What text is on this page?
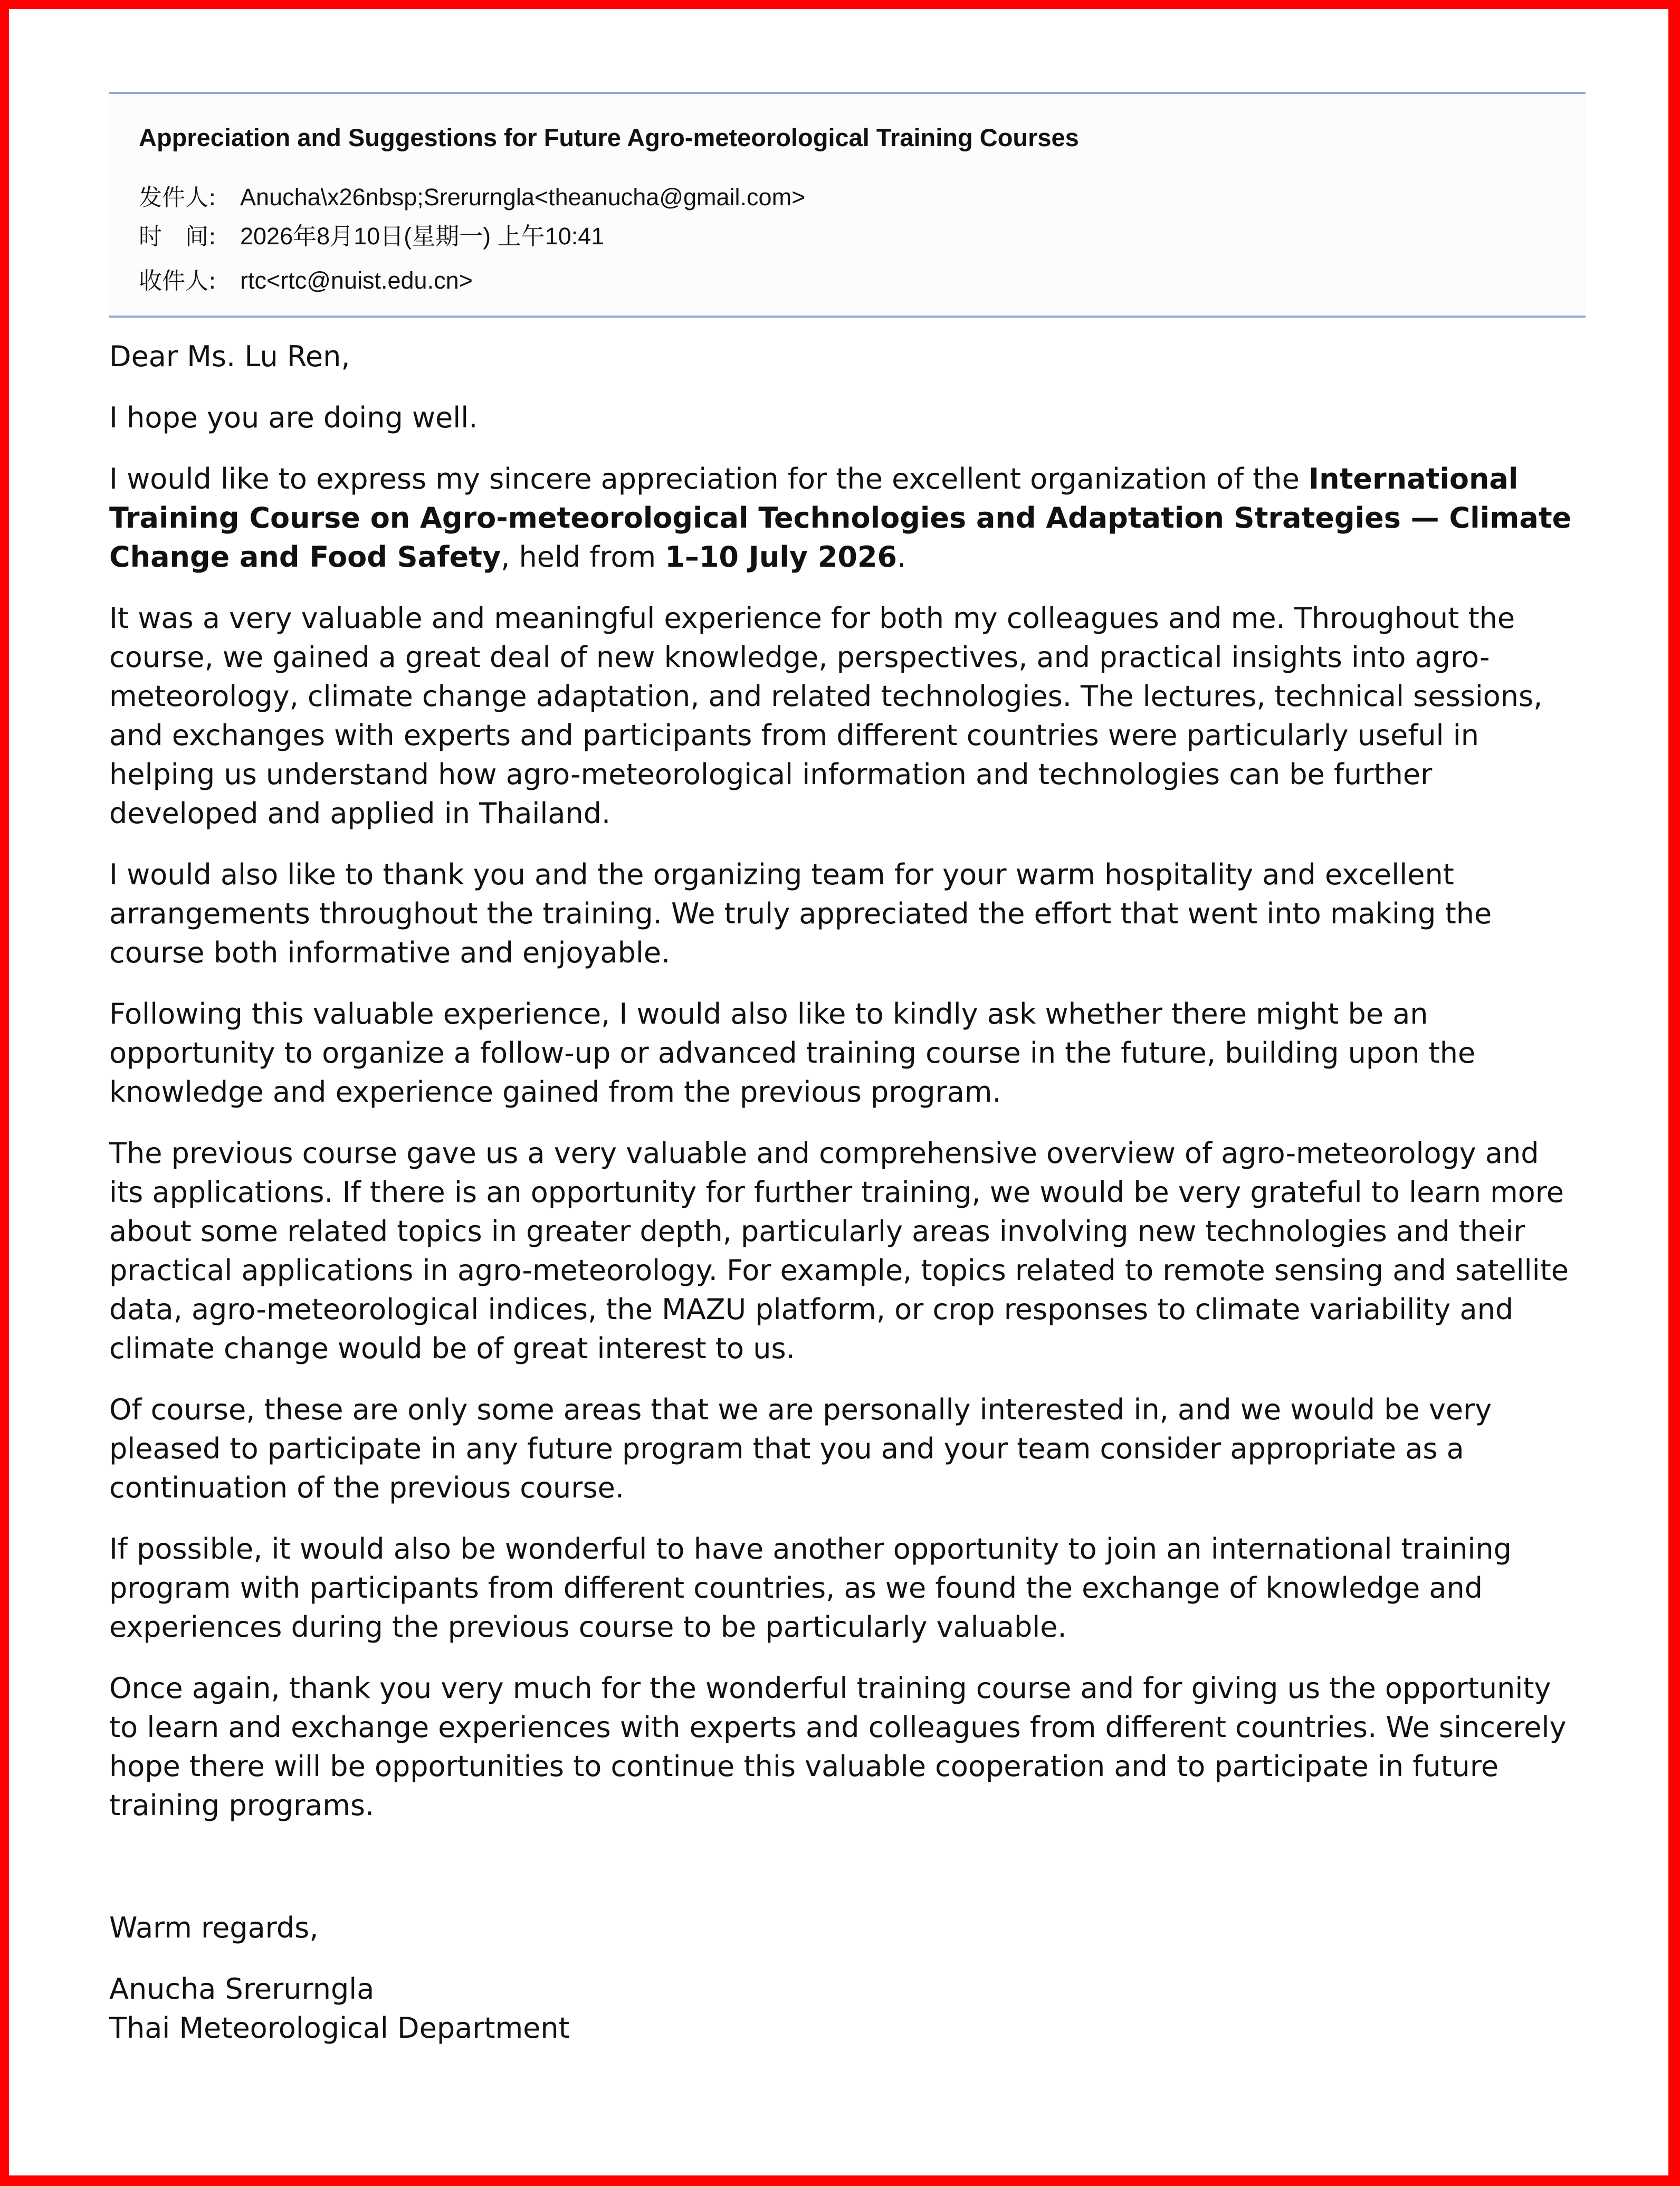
Appreciation and Suggestions for Future Agro-meteorological Training Courses
发件人:	Anucha\x26nbsp;Srerurngla<theanucha@gmail.com>
时　间:	2026年8月10日(星期一) 上午10:41
收件人:	rtc<rtc@nuist.edu.cn>

Dear Ms. Lu Ren,

I hope you are doing well.

I would like to express my sincere appreciation for the excellent organization of the International Training Course on Agro-meteorological Technologies and Adaptation Strategies — Climate Change and Food Safety, held from 1–10 July 2026.

It was a very valuable and meaningful experience for both my colleagues and me. Throughout the course, we gained a great deal of new knowledge, perspectives, and practical insights into agro-meteorology, climate change adaptation, and related technologies. The lectures, technical sessions, and exchanges with experts and participants from different countries were particularly useful in helping us understand how agro-meteorological information and technologies can be further developed and applied in Thailand.

I would also like to thank you and the organizing team for your warm hospitality and excellent arrangements throughout the training. We truly appreciated the effort that went into making the course both informative and enjoyable.

Following this valuable experience, I would also like to kindly ask whether there might be an opportunity to organize a follow-up or advanced training course in the future, building upon the knowledge and experience gained from the previous program.

The previous course gave us a very valuable and comprehensive overview of agro-meteorology and its applications. If there is an opportunity for further training, we would be very grateful to learn more about some related topics in greater depth, particularly areas involving new technologies and their practical applications in agro-meteorology. For example, topics related to remote sensing and satellite data, agro-meteorological indices, the MAZU platform, or crop responses to climate variability and climate change would be of great interest to us.

Of course, these are only some areas that we are personally interested in, and we would be very pleased to participate in any future program that you and your team consider appropriate as a continuation of the previous course.

If possible, it would also be wonderful to have another opportunity to join an international training program with participants from different countries, as we found the exchange of knowledge and experiences during the previous course to be particularly valuable.

Once again, thank you very much for the wonderful training course and for giving us the opportunity to learn and exchange experiences with experts and colleagues from different countries. We sincerely hope there will be opportunities to continue this valuable cooperation and to participate in future training programs.

Warm regards,

Anucha Srerurngla

Thai Meteorological Department
